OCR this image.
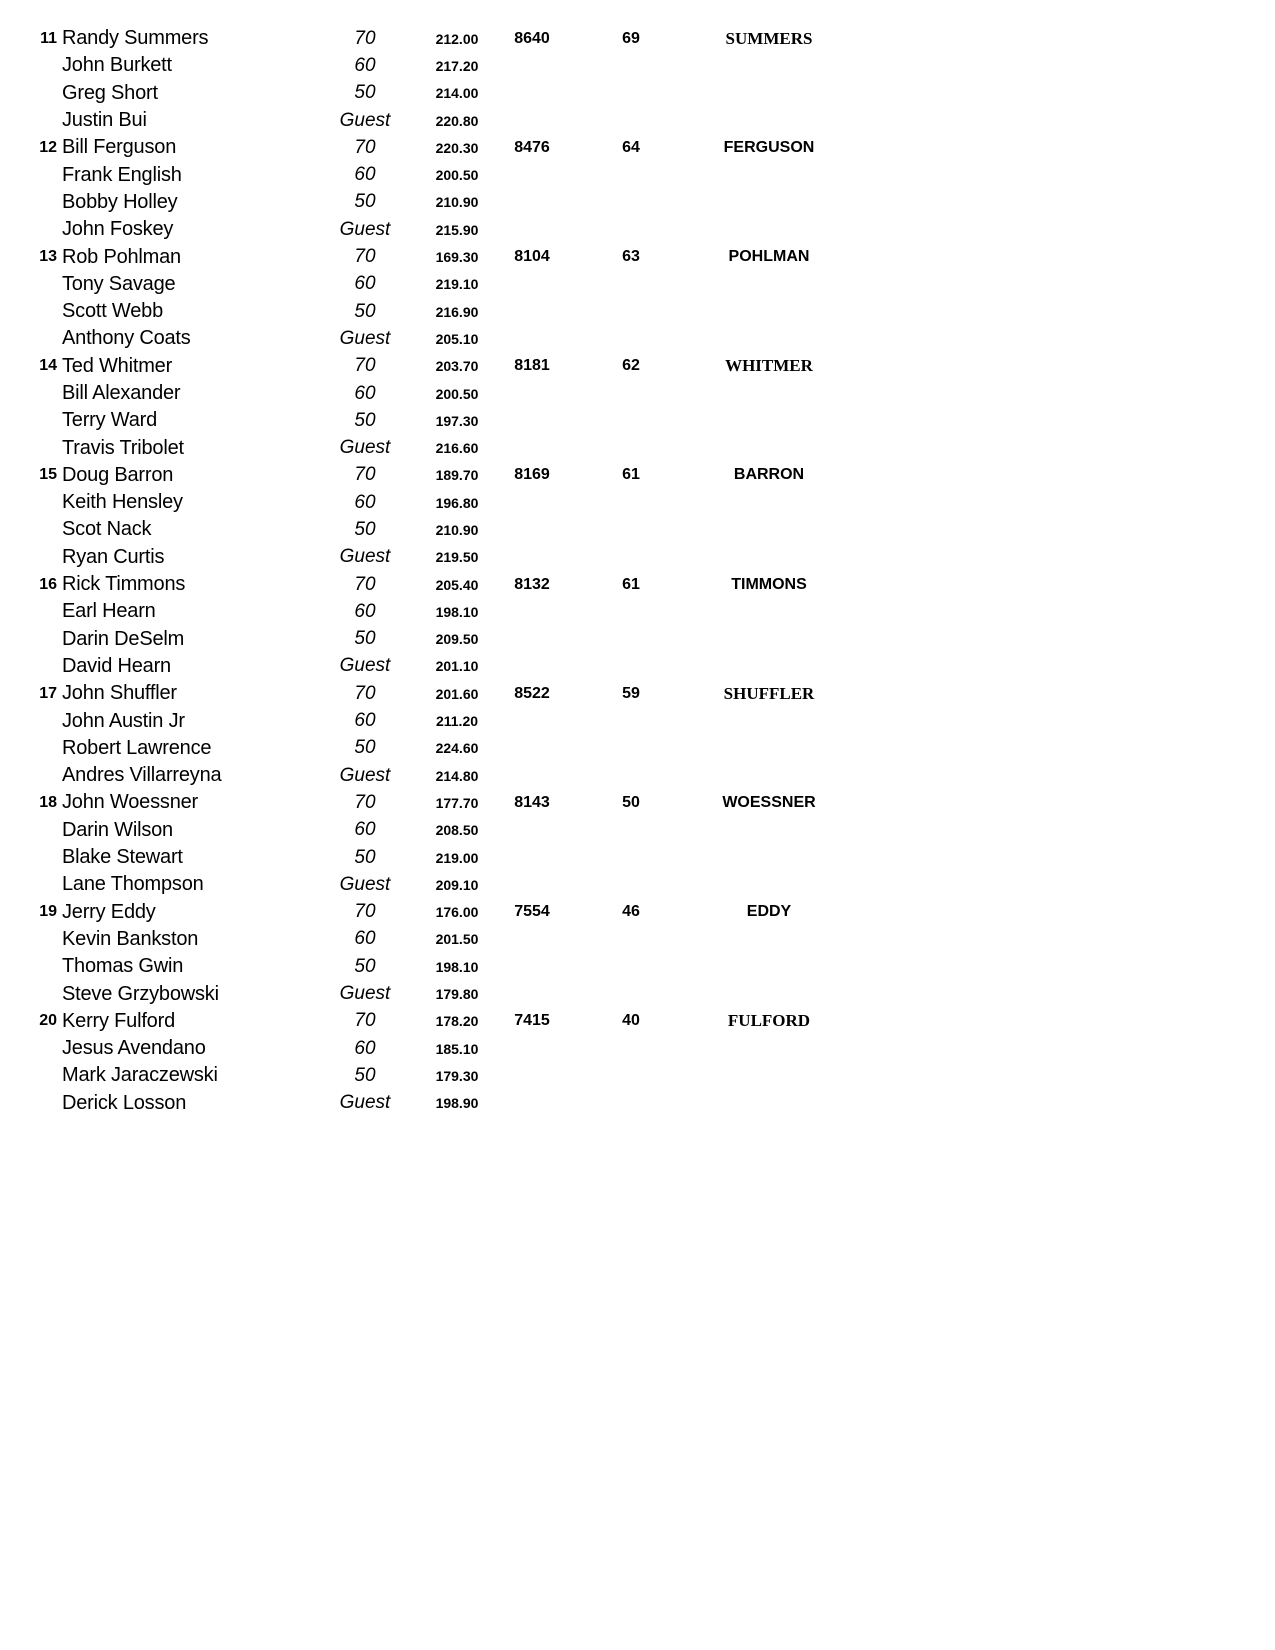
11 Randy Summers	70	212.00	8640	69	SUMMERS
John Burkett	60	217.20
Greg Short	50	214.00
Justin Bui	Guest	220.80
12 Bill Ferguson	70	220.30	8476	64	FERGUSON
Frank English	60	200.50
Bobby Holley	50	210.90
John Foskey	Guest	215.90
13 Rob Pohlman	70	169.30	8104	63	POHLMAN
Tony Savage	60	219.10
Scott Webb	50	216.90
Anthony Coats	Guest	205.10
14 Ted Whitmer	70	203.70	8181	62	WHITMER
Bill Alexander	60	200.50
Terry Ward	50	197.30
Travis Tribolet	Guest	216.60
15 Doug Barron	70	189.70	8169	61	BARRON
Keith Hensley	60	196.80
Scot Nack	50	210.90
Ryan Curtis	Guest	219.50
16 Rick Timmons	70	205.40	8132	61	TIMMONS
Earl Hearn	60	198.10
Darin DeSelm	50	209.50
David Hearn	Guest	201.10
17 John Shuffler	70	201.60	8522	59	SHUFFLER
John Austin Jr	60	211.20
Robert Lawrence	50	224.60
Andres Villarreyna	Guest	214.80
18 John Woessner	70	177.70	8143	50	WOESSNER
Darin Wilson	60	208.50
Blake Stewart	50	219.00
Lane Thompson	Guest	209.10
19 Jerry Eddy	70	176.00	7554	46	EDDY
Kevin Bankston	60	201.50
Thomas Gwin	50	198.10
Steve Grzybowski	Guest	179.80
20 Kerry Fulford	70	178.20	7415	40	FULFORD
Jesus Avendano	60	185.10
Mark Jaraczewski	50	179.30
Derick Losson	Guest	198.90
